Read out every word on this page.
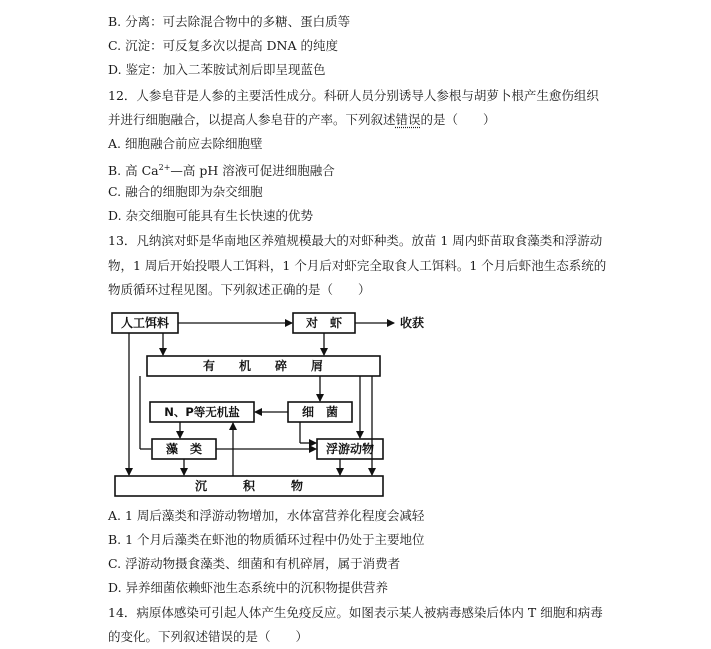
B. 分离：可去除混合物中的多糖、蛋白质等
C. 沉淀：可反复多次以提高 DNA 的纯度
D. 鉴定：加入二苯胺试剂后即呈现蓝色
12．人参皂苷是人参的主要活性成分。科研人员分别诱导人参根与胡萝卜根产生愈伤组织
并进行细胞融合，以提高人参皂苷的产率。下列叙述错误的是（　　）
A. 细胞融合前应去除细胞壁
B. 高 $Ca^{2+}—$高 pH 溶液可促进细胞融合
C. 融合的细胞即为杂交细胞
D. 杂交细胞可能具有生长快速的优势
13．凡纳滨对虾是华南地区养殖规模最大的对虾种类。放苗 1 周内虾苗取食藻类和浮游动
物，1 周后开始投喂人工饵料，1 个月后对虾完全取食人工饵料。1 个月后虾池生态系统的
物质循环过程见图。下列叙述正确的是（　　）
人工饵料	对　虾	收获
有　　机　　碎　　屑
N、P等无机盐	细　菌
藻　类	浮游动物
沉　　　积　　　物
A. 1 周后藻类和浮游动物增加，水体富营养化程度会减轻
B. 1 个月后藻类在虾池的物质循环过程中仍处于主要地位
C. 浮游动物摄食藻类、细菌和有机碎屑，属于消费者
D. 异养细菌依赖虾池生态系统中的沉积物提供营养
14．病原体感染可引起人体产生免疫反应。如图表示某人被病毒感染后体内 T 细胞和病毒
的变化。下列叙述错误的是（　　）
